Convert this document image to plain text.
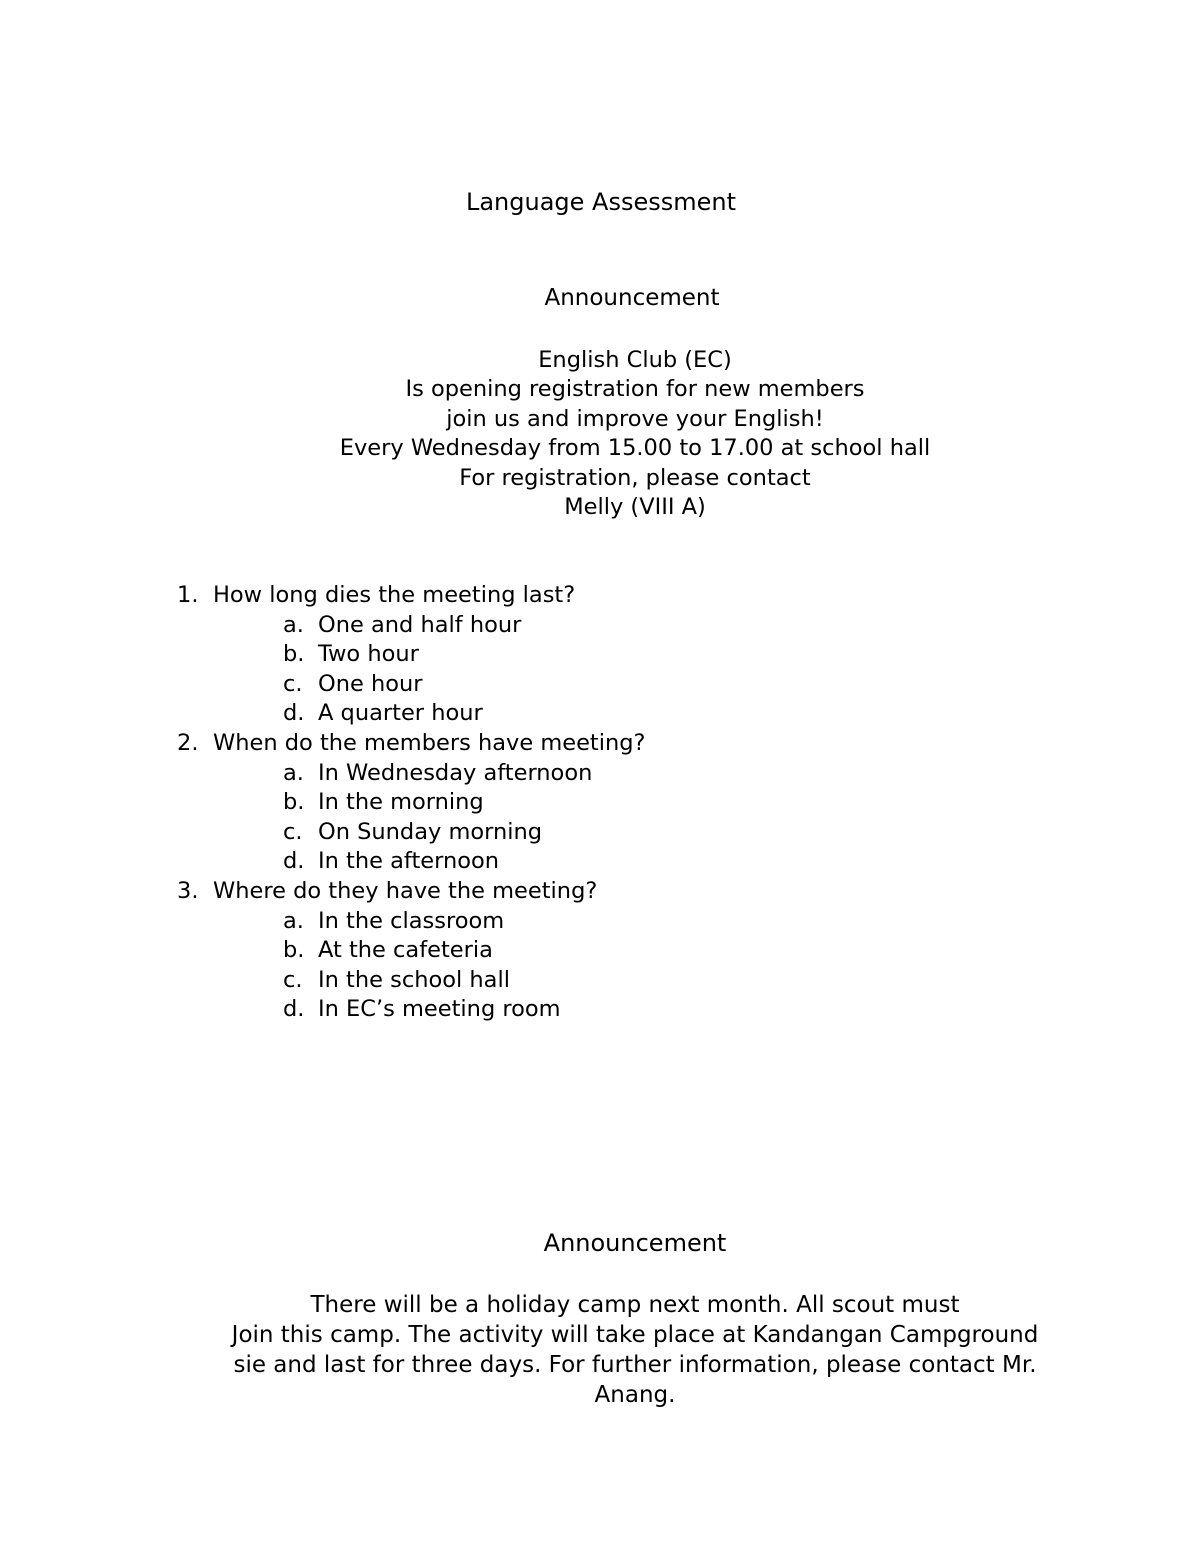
Language Assessment
Announcement
English Club (EC)
Is opening registration for new members
join us and improve your English!
Every Wednesday from 15.00 to 17.00 at school hall
For registration, please contact
Melly (VIII A)
1. How long dies the meeting last?
a. One and half hour
b. Two hour
c. One hour
d. A quarter hour
2. When do the members have meeting?
a. In Wednesday afternoon
b. In the morning
c. On Sunday morning
d. In the afternoon
3. Where do they have the meeting?
a. In the classroom
b. At the cafeteria
c. In the school hall
d. In EC’s meeting room
Announcement
There will be a holiday camp next month. All scout must
Join this camp. The activity will take place at Kandangan Campground
sie and last for three days. For further information, please contact Mr.
Anang.
